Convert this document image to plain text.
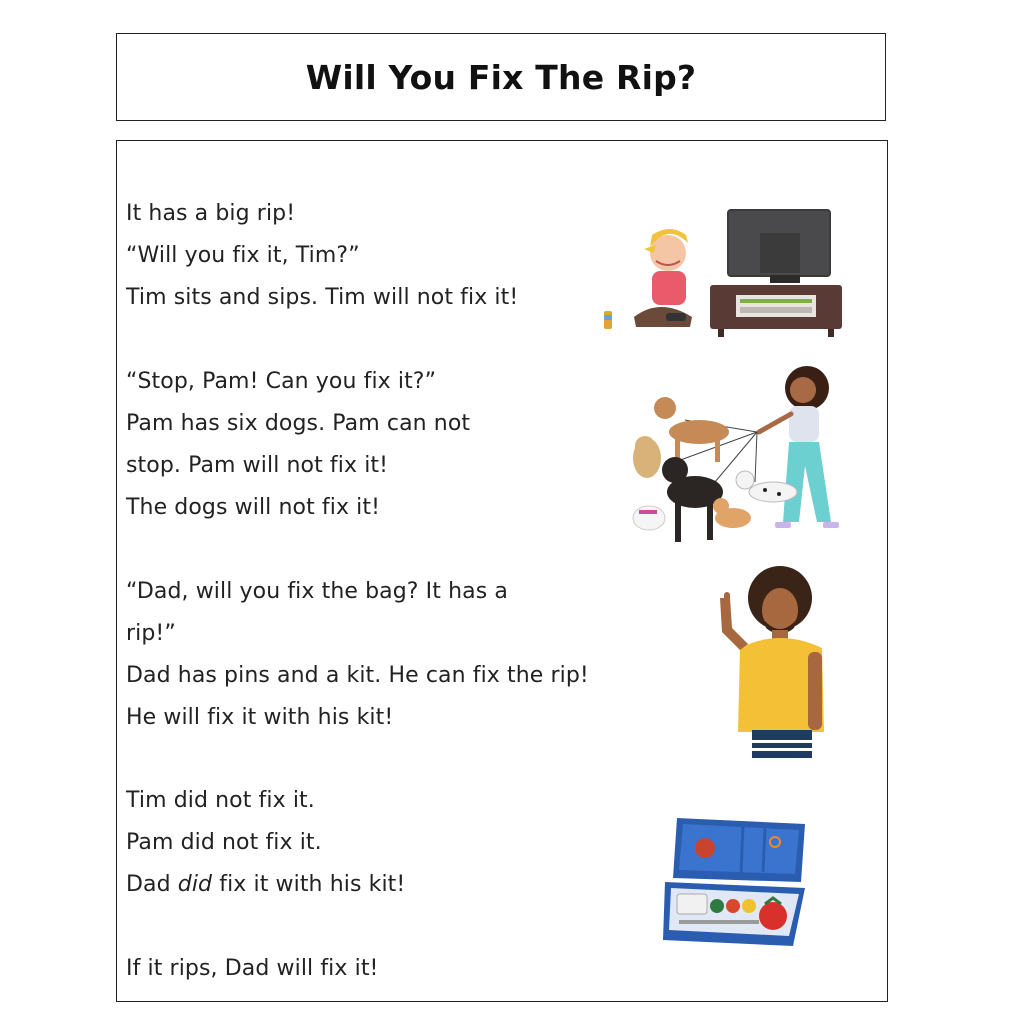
Will You Fix The Rip?
It has a big rip!
“Will you fix it, Tim?”
Tim sits and sips. Tim will not fix it!
“Stop, Pam! Can you fix it?”
Pam has six dogs. Pam can not
stop. Pam will not fix it!
The dogs will not fix it!
“Dad, will you fix the bag? It has a
rip!”
Dad has pins and a kit. He can fix the rip!
He will fix it with his kit!
Tim did not fix it.
Pam did not fix it.
Dad did fix it with his kit!
If it rips, Dad will fix it!
